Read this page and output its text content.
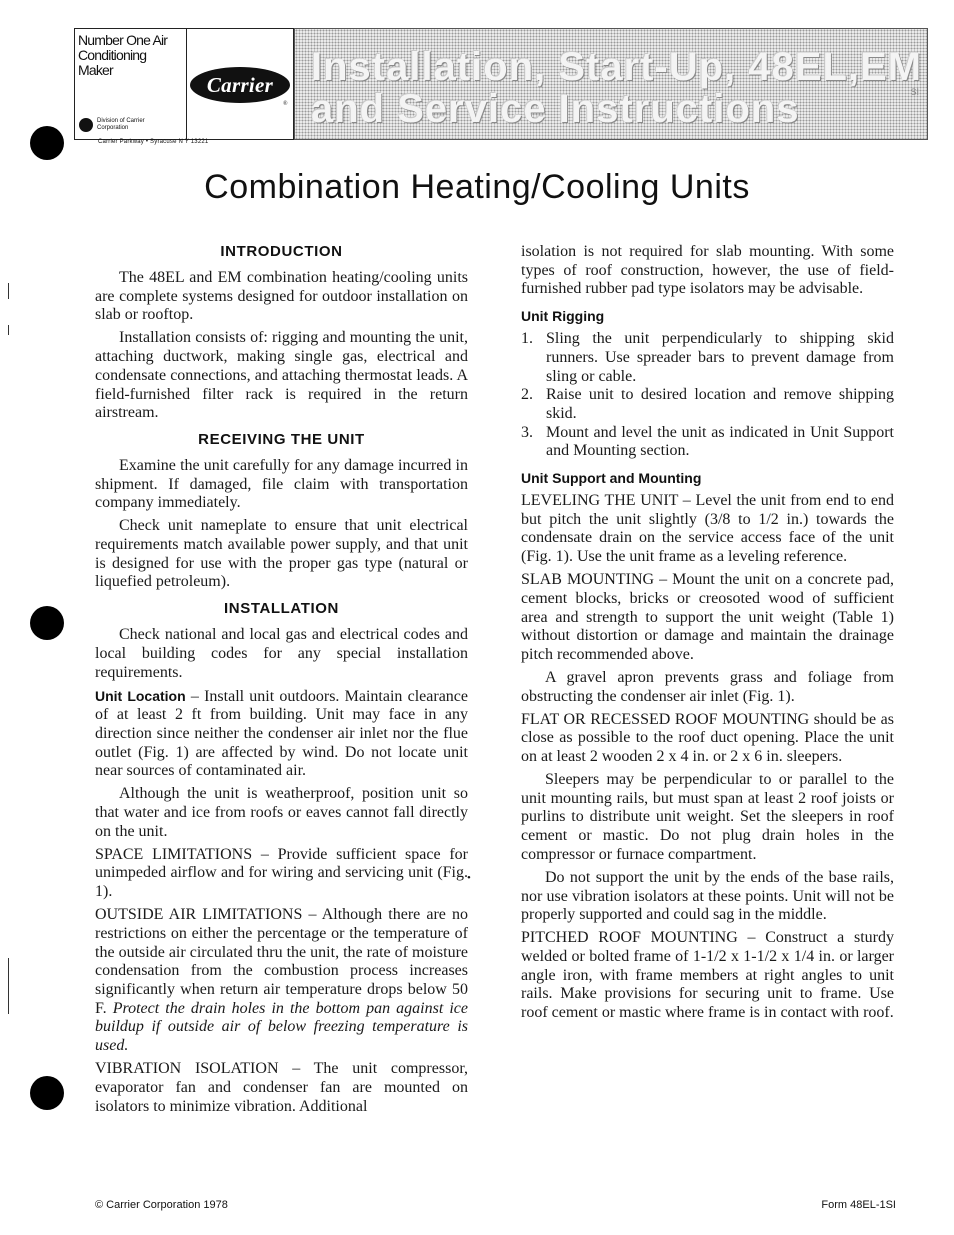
Number One Air Conditioning Maker
Division of Carrier Corporation
Carrier
®
Carrier Parkway • Syracuse N Y 13221
Installation, Start-Up, 48EL,EM
and Service Instructions	SI
Combination Heating/Cooling Units
INTRODUCTION

The 48EL and EM combination heating/cooling units are complete systems designed for outdoor installation on slab or rooftop.

Installation consists of: rigging and mounting the unit, attaching ductwork, making single gas, electrical and condensate connections, and attaching thermostat leads. A field-furnished filter rack is required in the return airstream.

RECEIVING THE UNIT

Examine the unit carefully for any damage incurred in shipment. If damaged, file claim with transportation company immediately.

Check unit nameplate to ensure that unit electrical requirements match available power supply, and that unit is designed for use with the proper gas type (natural or liquefied petroleum).

INSTALLATION

Check national and local gas and electrical codes and local building codes for any special installation requirements.

Unit Location – Install unit outdoors. Maintain clearance of at least 2 ft from building. Unit may face in any direction since neither the condenser air inlet nor the flue outlet (Fig. 1) are affected by wind. Do not locate unit near sources of contaminated air.

Although the unit is weatherproof, position unit so that water and ice from roofs or eaves cannot fall directly on the unit.

SPACE LIMITATIONS – Provide sufficient space for unimpeded airflow and for wiring and servicing unit (Fig. 1).

OUTSIDE AIR LIMITATIONS – Although there are no restrictions on either the percentage or the temperature of the outside air circulated thru the unit, the rate of moisture condensation from the combustion process increases significantly when return air temperature drops below 50 F. Protect the drain holes in the bottom pan against ice buildup if outside air of below freezing temperature is used.

VIBRATION ISOLATION – The unit compressor, evaporator fan and condenser fan are mounted on isolators to minimize vibration. Additional

isolation is not required for slab mounting. With some types of roof construction, however, the use of field-furnished rubber pad type isolators may be advisable.

Unit Rigging
1. Sling the unit perpendicularly to shipping skid runners. Use spreader bars to prevent damage from sling or cable.
2. Raise unit to desired location and remove shipping skid.
3. Mount and level the unit as indicated in Unit Support and Mounting section.
Unit Support and Mounting

LEVELING THE UNIT – Level the unit from end to end but pitch the unit slightly (3/8 to 1/2 in.) towards the condensate drain on the service access face of the unit (Fig. 1). Use the unit frame as a leveling reference.

SLAB MOUNTING – Mount the unit on a concrete pad, cement blocks, bricks or creosoted wood of sufficient area and strength to support the unit weight (Table 1) without distortion or damage and maintain the drainage pitch recommended above.

A gravel apron prevents grass and foliage from obstructing the condenser air inlet (Fig. 1).

FLAT OR RECESSED ROOF MOUNTING should be as close as possible to the roof duct opening. Place the unit on at least 2 wooden 2 x 4 in. or 2 x 6 in. sleepers.

Sleepers may be perpendicular to or parallel to the unit mounting rails, but must span at least 2 roof joists or purlins to distribute unit weight. Set the sleepers in roof cement or mastic. Do not plug drain holes in the compressor or furnace compartment.

Do not support the unit by the ends of the base rails, nor use vibration isolators at these points. Unit will not be properly supported and could sag in the middle.

PITCHED ROOF MOUNTING – Construct a sturdy welded or bolted frame of 1-1/2 x 1-1/2 x 1/4 in. or larger angle iron, with frame members at right angles to unit rails. Make provisions for securing unit to frame. Use roof cement or mastic where frame is in contact with roof.

•
© Carrier Corporation 1978	Form 48EL-1SI
